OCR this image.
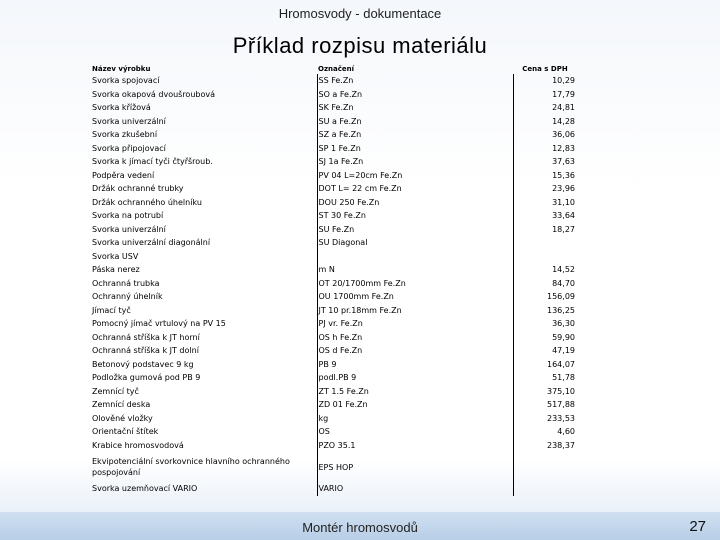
Hromosvody - dokumentace
Příklad rozpisu materiálu
Název výrobku	Označení	Cena s DPH
Svorka spojovací	SS Fe.Zn	10,29
Svorka okapová dvoušroubová	SO a Fe.Zn	17,79
Svorka křížová	SK Fe.Zn	24,81
Svorka univerzální	SU a Fe.Zn	14,28
Svorka zkušební	SZ a Fe.Zn	36,06
Svorka připojovací	SP 1 Fe.Zn	12,83
Svorka k jímací tyči čtyřšroub.	SJ 1a Fe.Zn	37,63
Podpěra vedení	PV 04 L=20cm Fe.Zn	15,36
Držák ochranné trubky	DOT L= 22 cm Fe.Zn	23,96
Držák ochranného úhelníku	DOU 250 Fe.Zn	31,10
Svorka na potrubí	ST 30 Fe.Zn	33,64
Svorka univerzální	SU Fe.Zn	18,27
Svorka univerzální diagonální	SU Diagonal	
Svorka USV		
Páska nerez	m N	14,52
Ochranná trubka	OT 20/1700mm Fe.Zn	84,70
Ochranný úhelník	OU 1700mm Fe.Zn	156,09
Jímací tyč	JT 10 pr.18mm Fe.Zn	136,25
Pomocný jímač vrtulový na PV 15	PJ vr. Fe.Zn	36,30
Ochranná stříška k JT horní	OS h Fe.Zn	59,90
Ochranná stříška k JT dolní	OS d Fe.Zn	47,19
Betonový podstavec 9 kg	PB 9	164,07
Podložka gumová pod PB 9	podl.PB 9	51,78
Zemnící tyč	ZT 1.5 Fe.Zn	375,10
Zemnící deska	ZD 01 Fe.Zn	517,88
Olověné vložky	kg	233,53
Orientační štítek	OS	4,60
Krabice hromosvodová	PZO 35.1	238,37
Ekvipotenciální svorkovnice hlavního ochranného pospojování	EPS HOP	
Svorka uzemňovací VARIO	VARIO	
Montér hromosvodů	27
